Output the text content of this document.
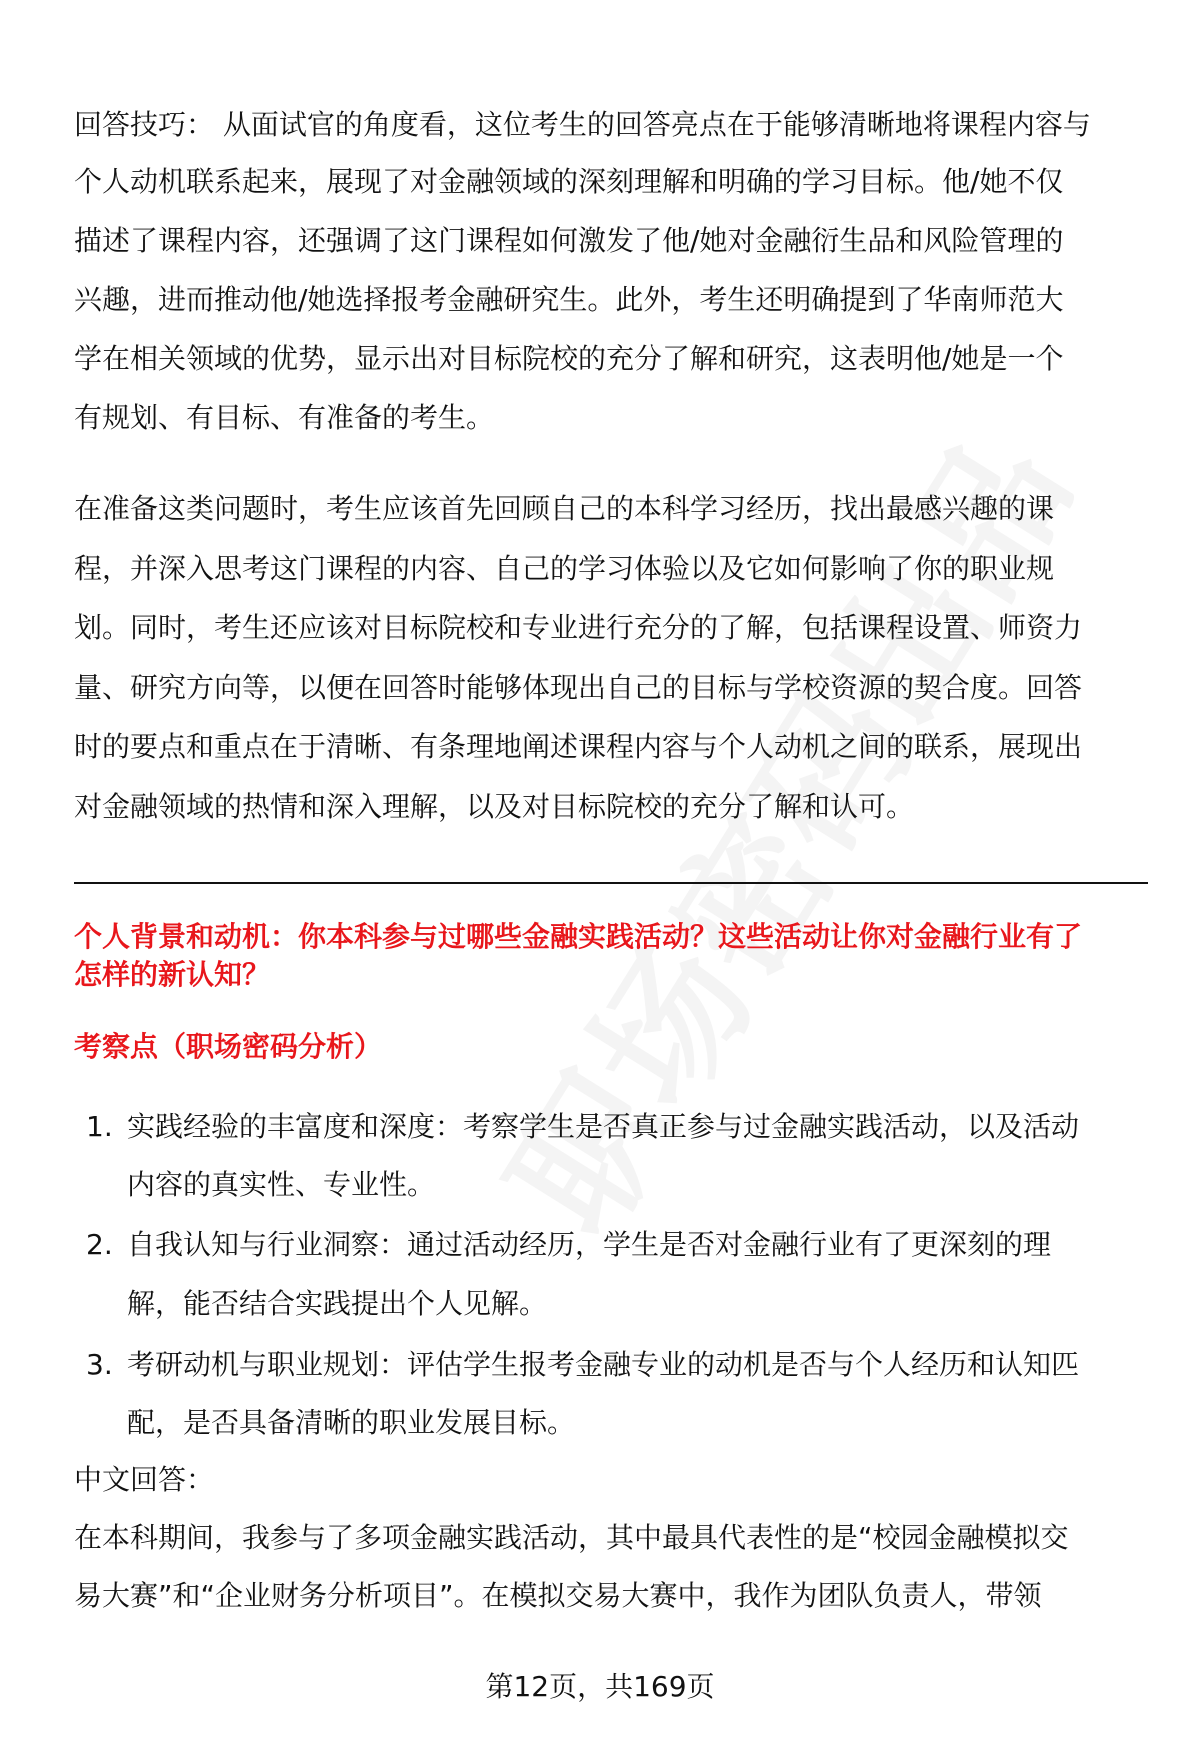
回答技巧： 从面试官的角度看，这位考生的回答亮点在于能够清晰地将课程内容与
个人动机联系起来，展现了对金融领域的深刻理解和明确的学习目标。他/她不仅
描述了课程内容，还强调了这门课程如何激发了他/她对金融衍生品和风险管理的
兴趣，进而推动他/她选择报考金融研究生。此外，考生还明确提到了华南师范大
学在相关领域的优势，显示出对目标院校的充分了解和研究，这表明他/她是一个
有规划、有目标、有准备的考生。
在准备这类问题时，考生应该首先回顾自己的本科学习经历，找出最感兴趣的课
程，并深入思考这门课程的内容、自己的学习体验以及它如何影响了你的职业规
划。同时，考生还应该对目标院校和专业进行充分的了解，包括课程设置、师资力
量、研究方向等，以便在回答时能够体现出自己的目标与学校资源的契合度。回答
时的要点和重点在于清晰、有条理地阐述课程内容与个人动机之间的联系，展现出
对金融领域的热情和深入理解，以及对目标院校的充分了解和认可。
个人背景和动机：你本科参与过哪些金融实践活动？这些活动让你对金融行业有了
怎样的新认知？
考察点（职场密码分析）
1. 实践经验的丰富度和深度：考察学生是否真正参与过金融实践活动，以及活动
内容的真实性、专业性。
2. 自我认知与行业洞察：通过活动经历，学生是否对金融行业有了更深刻的理
解，能否结合实践提出个人见解。
3. 考研动机与职业规划：评估学生报考金融专业的动机是否与个人经历和认知匹
配，是否具备清晰的职业发展目标。
中文回答：
在本科期间，我参与了多项金融实践活动，其中最具代表性的是“校园金融模拟交
易大赛”和“企业财务分析项目”。在模拟交易大赛中，我作为团队负责人，带领
第12页，共169页
